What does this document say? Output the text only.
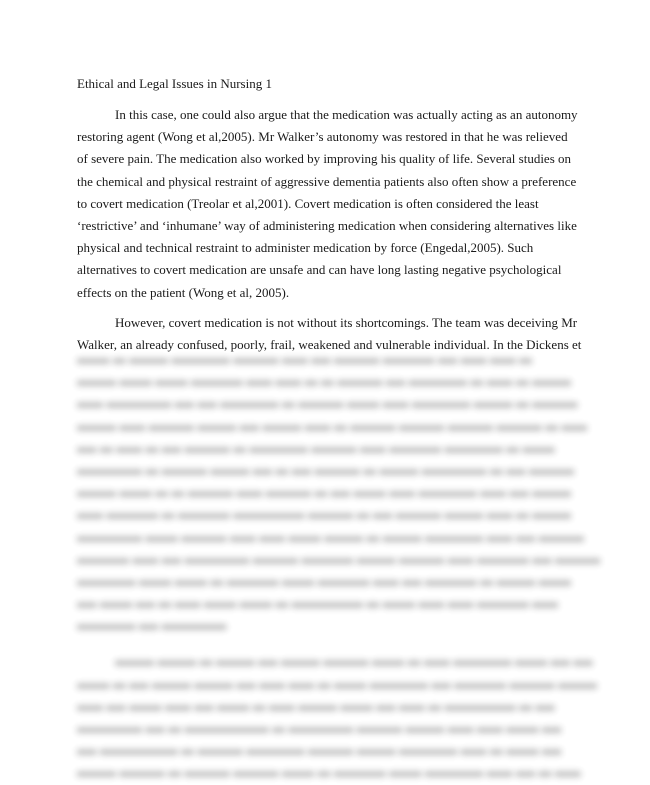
Ethical and Legal Issues in Nursing 1
In this case, one could also argue that the medication was actually acting as an autonomy
restoring agent (Wong et al,2005). Mr Walker’s autonomy was restored in that he was relieved
of severe pain. The medication also worked by improving his quality of life. Several studies on
the chemical and physical restraint of aggressive dementia patients also often show a preference
to covert medication (Treolar et al,2001). Covert medication is often considered the least
‘restrictive’ and ‘inhumane’ way of administering medication when considering alternatives like
physical and technical restraint to administer medication by force (Engedal,2005). Such
alternatives to covert medication are unsafe and can have long lasting negative psychological
effects on the patient (Wong et al, 2005).
However, covert medication is not without its shortcomings. The team was deceiving Mr
Walker, an already confused, poorly, frail, weakened and vulnerable individual. In the Dickens et
ooooo oo oooooo ooooooooo ooooooo oooo ooo ooooooo oooooooo ooo oooo oooo oo
oooooo ooooo ooooo oooooooo oooo oooo oo oo ooooooo ooo ooooooooo oo oooo oo oooooo
oooo oooooooooo ooo ooo ooooooooo oo ooooooo ooooo oooo ooooooooo oooooo oo ooooooo
oooooo oooo ooooooo oooooo ooo oooooo oooo oo ooooooo ooooooo ooooooo ooooooo oo oooo
ooo oo oooo oo ooo ooooooo oo ooooooooo ooooooo oooo oooooooo ooooooooo oo ooooo
oooooooooo oo ooooooo oooooo ooo oo ooo ooooooo oo oooooo oooooooooo oo ooo ooooooo
oooooo ooooo oo oo ooooooo oooo ooooooo oo ooo ooooo oooo ooooooooo oooo ooo oooooo
oooo oooooooo oo oooooooo ooooooooooo ooooooo oo ooo ooooooo oooooo oooo oo oooooo
oooooooooo ooooo ooooooo oooo oooo ooooo oooooo oo oooooo ooooooooo oooo ooo ooooooo
oooooooo oooo ooo oooooooooo ooooooo oooooooo oooooo ooooooo oooo oooooooo ooo ooooooo
ooooooooo ooooo ooooo oo oooooooo ooooo oooooooo oooo ooo oooooooo oo oooooo ooooo
ooo ooooo ooo oo oooo ooooo ooooo oo ooooooooooo oo ooooo oooo oooo oooooooo oooo
ooooooooo ooo oooooooooo
oooooo oooooo oo oooooo ooo oooooo ooooooo ooooo oo oooo ooooooooo ooooo ooo ooo
ooooo oo ooo oooooo oooooo ooo oooo oooo oo ooooo ooooooooo ooo oooooooo ooooooo oooooo
oooo ooo ooooo oooo ooo ooooo oo oooo oooooo ooooo ooo oooo oo ooooooooooo oo ooo
oooooooooo ooo oo ooooooooooooo oo oooooooooo ooooooo oooooo oooo oooo ooooo ooo
ooo oooooooooooo oo ooooooo ooooooooo ooooooo oooooo ooooooooo oooo oo ooooo ooo
oooooo ooooooo oo ooooooo ooooooo ooooo oo oooooooo ooooo ooooooooo oooo ooo oo oooo
